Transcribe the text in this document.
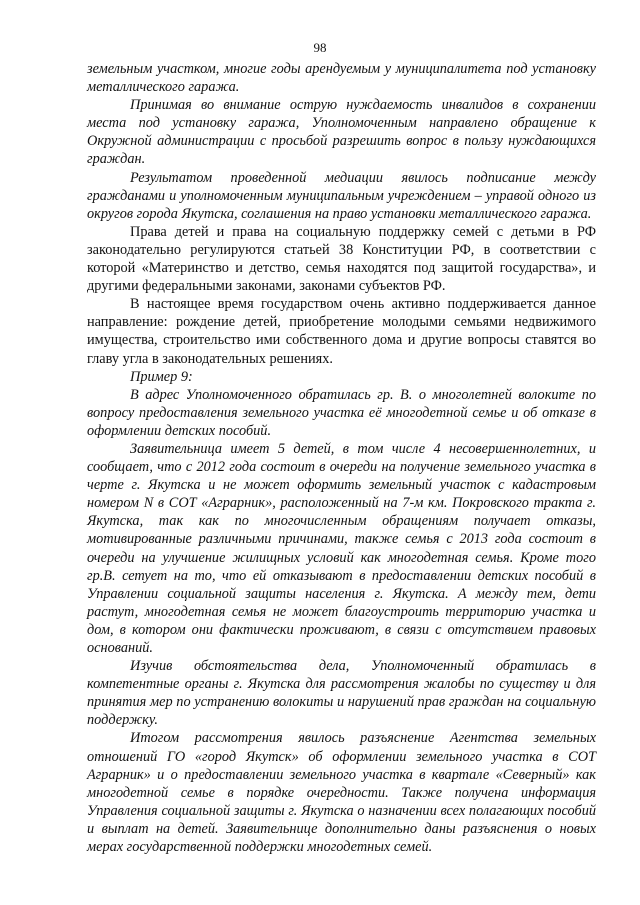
98

земельным участком, многие годы арендуемым у муниципалитета под установку металлического гаража.

Принимая во внимание острую нуждаемость инвалидов в сохранении места под установку гаража, Уполномоченным направлено обращение к Окружной администрации с просьбой разрешить вопрос в пользу нуждающихся граждан.

Результатом проведенной медиации явилось подписание между гражданами и уполномоченным муниципальным учреждением – управой одного из округов города Якутска, соглашения на право установки металлического гаража.

Права детей и права на социальную поддержку семей с детьми в РФ законодательно регулируются статьей 38 Конституции РФ, в соответствии с которой «Материнство и детство, семья находятся под защитой государства», и другими федеральными законами, законами субъектов РФ.

В настоящее время государством очень активно поддерживается данное направление: рождение детей, приобретение молодыми семьями недвижимого имущества, строительство ими собственного дома и другие вопросы ставятся во главу угла в законодательных решениях.

Пример 9:

В адрес Уполномоченного обратилась гр. В. о многолетней волоките по вопросу предоставления земельного участка её многодетной семье и об отказе в оформлении детских пособий.

Заявительница имеет 5 детей, в том числе 4 несовершеннолетних, и сообщает, что с 2012 года состоит в очереди на получение земельного участка в черте г. Якутска и не может оформить земельный участок с кадастровым номером N в СОТ «Аграрник», расположенный на 7-м км. Покровского тракта г. Якутска, так как по многочисленным обращениям получает отказы, мотивированные различными причинами, также семья с 2013 года состоит в очереди на улучшение жилищных условий как многодетная семья. Кроме того гр.В. сетует на то, что ей отказывают в предоставлении детских пособий в Управлении социальной защиты населения г. Якутска. А между тем, дети растут, многодетная семья не может благоустроить территорию участка и дом, в котором они фактически проживают, в связи с отсутствием правовых оснований.

Изучив обстоятельства дела, Уполномоченный обратилась в компетентные органы г. Якутска для рассмотрения жалобы по существу и для принятия мер по устранению волокиты и нарушений прав граждан на социальную поддержку.

Итогом рассмотрения явилось разъяснение Агентства земельных отношений ГО «город Якутск» об оформлении земельного участка в СОТ Аграрник» и о предоставлении земельного участка в квартале «Северный» как многодетной семье в порядке очередности. Также получена информация Управления социальной защиты г. Якутска о назначении всех полагающих пособий и выплат на детей. Заявительнице дополнительно даны разъяснения о новых мерах государственной поддержки многодетных семей.
